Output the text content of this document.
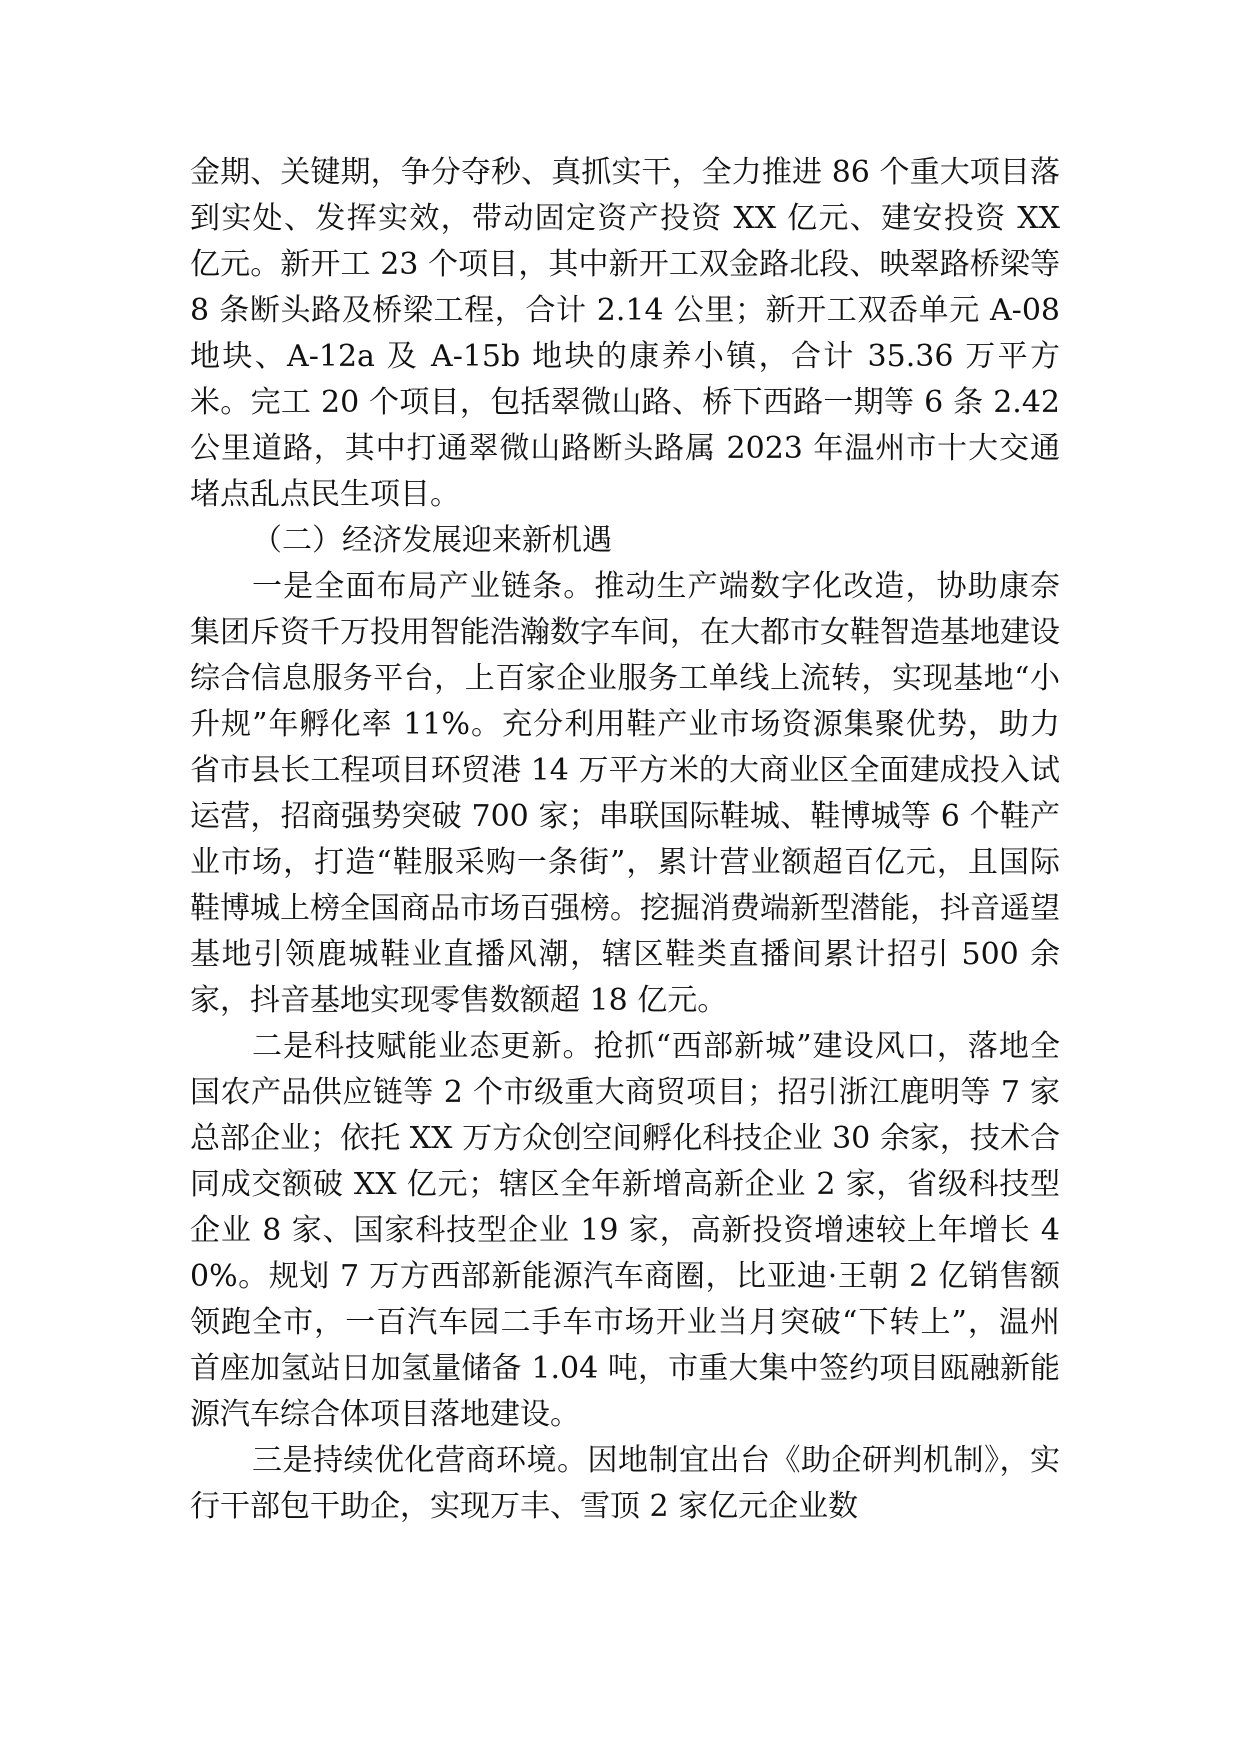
金期、关键期，争分夺秒、真抓实干，全力推进 86 个重大项目落到实处、发挥实效，带动固定资产投资 XX 亿元、建安投资 XX 亿元。新开工 23 个项目，其中新开工双金路北段、映翠路桥梁等 8 条断头路及桥梁工程，合计 2.14 公里；新开工双岙单元 A-08 地块、A-12a 及 A-15b 地块的康养小镇，合计 35.36 万平方米。完工 20 个项目，包括翠微山路、桥下西路一期等 6 条 2.42 公里道路，其中打通翠微山路断头路属 2023 年温州市十大交通堵点乱点民生项目。

（二）经济发展迎来新机遇

一是全面布局产业链条。推动生产端数字化改造，协助康奈集团斥资千万投用智能浩瀚数字车间，在大都市女鞋智造基地建设综合信息服务平台，上百家企业服务工单线上流转，实现基地“小升规”年孵化率 11%。充分利用鞋产业市场资源集聚优势，助力省市县长工程项目环贸港 14 万平方米的大商业区全面建成投入试运营，招商强势突破 700 家；串联国际鞋城、鞋博城等 6 个鞋产业市场，打造“鞋服采购一条街”，累计营业额超百亿元，且国际鞋博城上榜全国商品市场百强榜。挖掘消费端新型潜能，抖音遥望基地引领鹿城鞋业直播风潮，辖区鞋类直播间累计招引 500 余家，抖音基地实现零售数额超 18 亿元。

二是科技赋能业态更新。抢抓“西部新城”建设风口，落地全国农产品供应链等 2 个市级重大商贸项目；招引浙江鹿明等 7 家总部企业；依托 XX 万方众创空间孵化科技企业 30 余家，技术合同成交额破 XX 亿元；辖区全年新增高新企业 2 家，省级科技型企业 8 家、国家科技型企业 19 家，高新投资增速较上年增长 40%。规划 7 万方西部新能源汽车商圈，比亚迪·王朝 2 亿销售额领跑全市，一百汽车园二手车市场开业当月突破“下转上”，温州首座加氢站日加氢量储备 1.04 吨，市重大集中签约项目瓯融新能源汽车综合体项目落地建设。

三是持续优化营商环境。因地制宜出台《助企研判机制》，实行干部包干助企，实现万丰、雪顶 2 家亿元企业数
